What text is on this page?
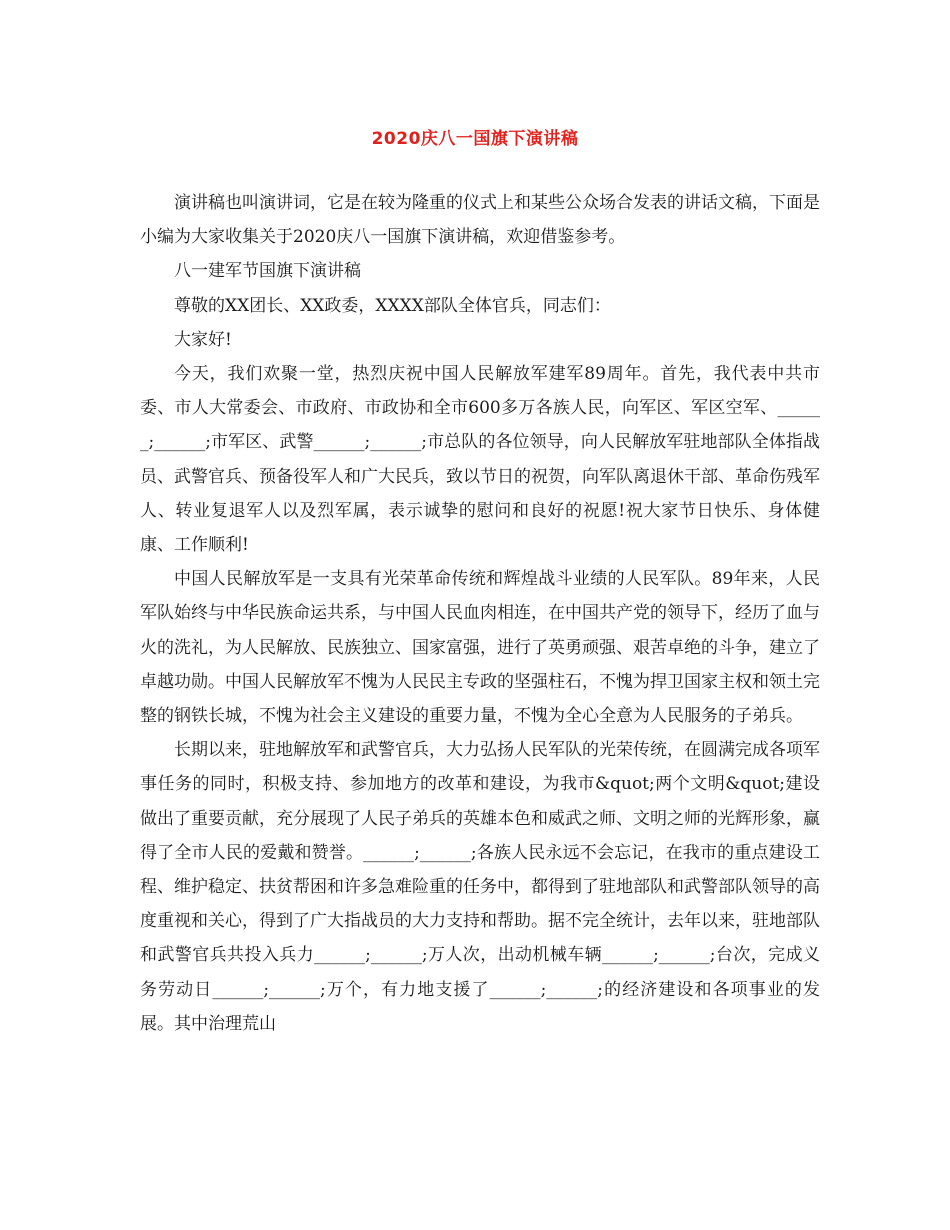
2020庆八一国旗下演讲稿

演讲稿也叫演讲词，它是在较为隆重的仪式上和某些公众场合发表的讲话文稿，下面是小编为大家收集关于2020庆八一国旗下演讲稿，欢迎借鉴参考。

八一建军节国旗下演讲稿

尊敬的XX团长、XX政委，XXXX部队全体官兵，同志们：

大家好!

今天，我们欢聚一堂，热烈庆祝中国人民解放军建军89周年。首先，我代表中共市委、市人大常委会、市政府、市政协和全市600多万各族人民，向军区、军区空军、______;______;市军区、武警______;______;市总队的各位领导，向人民解放军驻地部队全体指战员、武警官兵、预备役军人和广大民兵，致以节日的祝贺，向军队离退休干部、革命伤残军人、转业复退军人以及烈军属，表示诚挚的慰问和良好的祝愿!祝大家节日快乐、身体健康、工作顺利!

中国人民解放军是一支具有光荣革命传统和辉煌战斗业绩的人民军队。89年来，人民军队始终与中华民族命运共系，与中国人民血肉相连，在中国共产党的领导下，经历了血与火的洗礼，为人民解放、民族独立、国家富强，进行了英勇顽强、艰苦卓绝的斗争，建立了卓越功勋。中国人民解放军不愧为人民民主专政的坚强柱石，不愧为捍卫国家主权和领土完整的钢铁长城，不愧为社会主义建设的重要力量，不愧为全心全意为人民服务的子弟兵。

长期以来，驻地解放军和武警官兵，大力弘扬人民军队的光荣传统，在圆满完成各项军事任务的同时，积极支持、参加地方的改革和建设，为我市&quot;两个文明&quot;建设做出了重要贡献，充分展现了人民子弟兵的英雄本色和威武之师、文明之师的光辉形象，赢得了全市人民的爱戴和赞誉。______;______;各族人民永远不会忘记，在我市的重点建设工程、维护稳定、扶贫帮困和许多急难险重的任务中，都得到了驻地部队和武警部队领导的高度重视和关心，得到了广大指战员的大力支持和帮助。据不完全统计，去年以来，驻地部队和武警官兵共投入兵力______;______;万人次，出动机械车辆______;______;台次，完成义务劳动日______;______;万个，有力地支援了______;______;的经济建设和各项事业的发展。其中治理荒山
